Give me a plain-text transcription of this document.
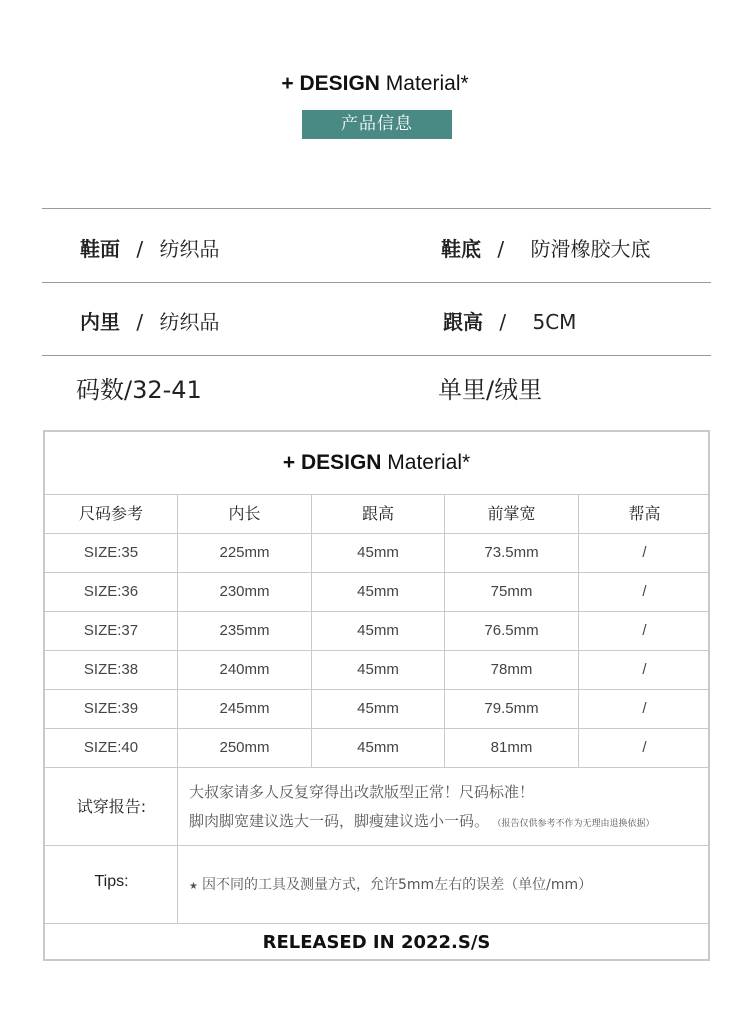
+ DESIGN Material*
产品信息
鞋面 / 纺织品	鞋底 / 防滑橡胶大底
内里 / 纺织品	跟高 / 5CM
码数/32-41	单里/绒里
+ DESIGN Material*
尺码参考	内长	跟高	前掌宽	帮高
SIZE:35	225mm	45mm	73.5mm	/
SIZE:36	230mm	45mm	75mm	/
SIZE:37	235mm	45mm	76.5mm	/
SIZE:38	240mm	45mm	78mm	/
SIZE:39	245mm	45mm	79.5mm	/
SIZE:40	250mm	45mm	81mm	/
试穿报告:
大叔家请多人反复穿得出改款版型正常！尺码标准！
脚肉脚宽建议选大一码，脚瘦建议选小一码。 （报告仅供参考不作为无理由退换依据）
Tips:	★ 因不同的工具及测量方式，允许5mm左右的误差（单位/mm）
RELEASED IN 2022.S/S
